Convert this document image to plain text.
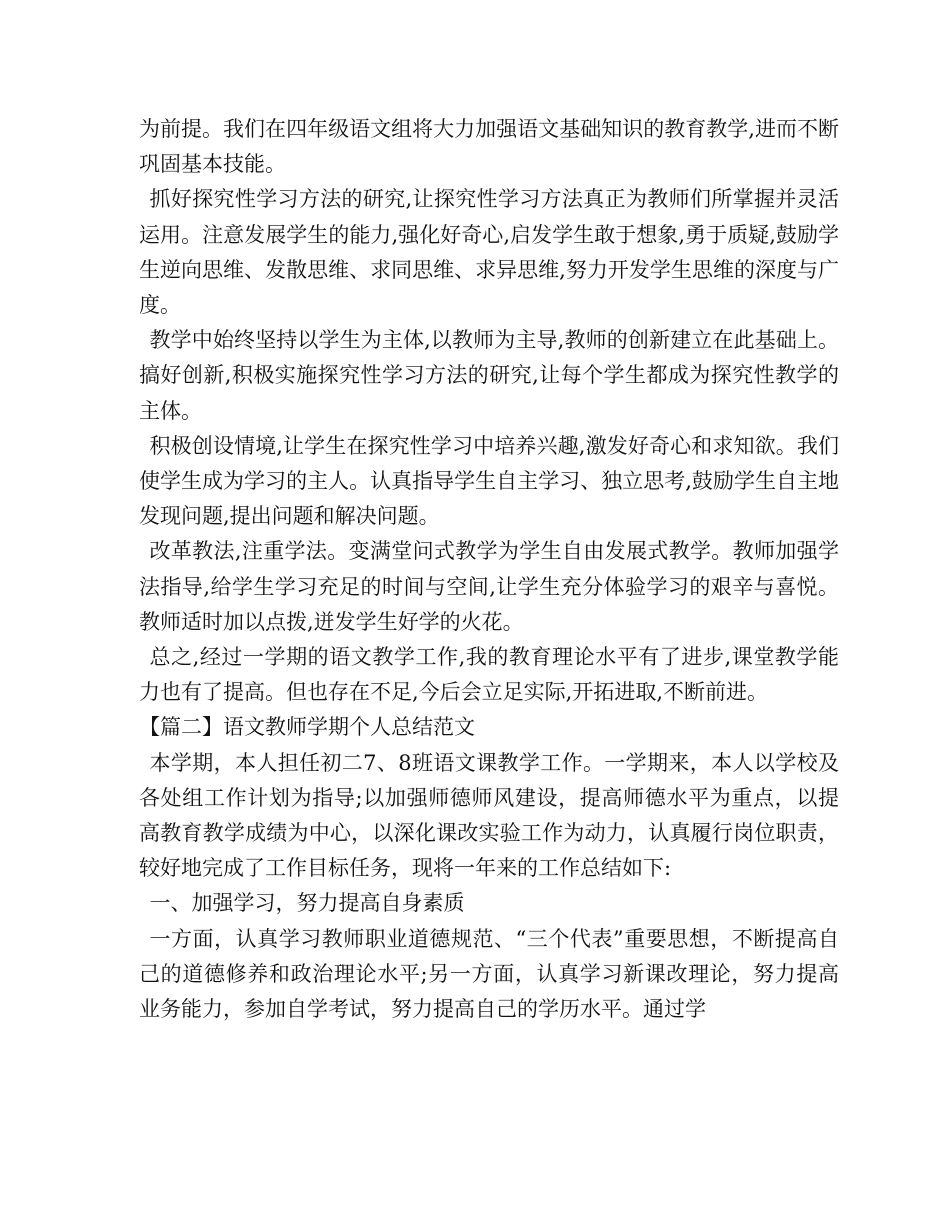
为前提。我们在四年级语文组将大力加强语文基础知识的教育教学,进而不断巩固基本技能。

抓好探究性学习方法的研究,让探究性学习方法真正为教师们所掌握并灵活运用。注意发展学生的能力,强化好奇心,启发学生敢于想象,勇于质疑,鼓励学生逆向思维、发散思维、求同思维、求异思维,努力开发学生思维的深度与广度。

教学中始终坚持以学生为主体,以教师为主导,教师的创新建立在此基础上。搞好创新,积极实施探究性学习方法的研究,让每个学生都成为探究性教学的主体。

积极创设情境,让学生在探究性学习中培养兴趣,激发好奇心和求知欲。我们使学生成为学习的主人。认真指导学生自主学习、独立思考,鼓励学生自主地发现问题,提出问题和解决问题。

改革教法,注重学法。变满堂问式教学为学生自由发展式教学。教师加强学法指导,给学生学习充足的时间与空间,让学生充分体验学习的艰辛与喜悦。教师适时加以点拨,迸发学生好学的火花。

总之,经过一学期的语文教学工作,我的教育理论水平有了进步,课堂教学能力也有了提高。但也存在不足,今后会立足实际,开拓进取,不断前进。

【篇二】语文教师学期个人总结范文

本学期，本人担任初二7、8班语文课教学工作。一学期来，本人以学校及各处组工作计划为指导;以加强师德师风建设，提高师德水平为重点，以提高教育教学成绩为中心，以深化课改实验工作为动力，认真履行岗位职责，较好地完成了工作目标任务，现将一年来的工作总结如下:

一、加强学习，努力提高自身素质

一方面，认真学习教师职业道德规范、“三个代表”重要思想，不断提高自己的道德修养和政治理论水平;另一方面，认真学习新课改理论，努力提高业务能力，参加自学考试，努力提高自己的学历水平。通过学
